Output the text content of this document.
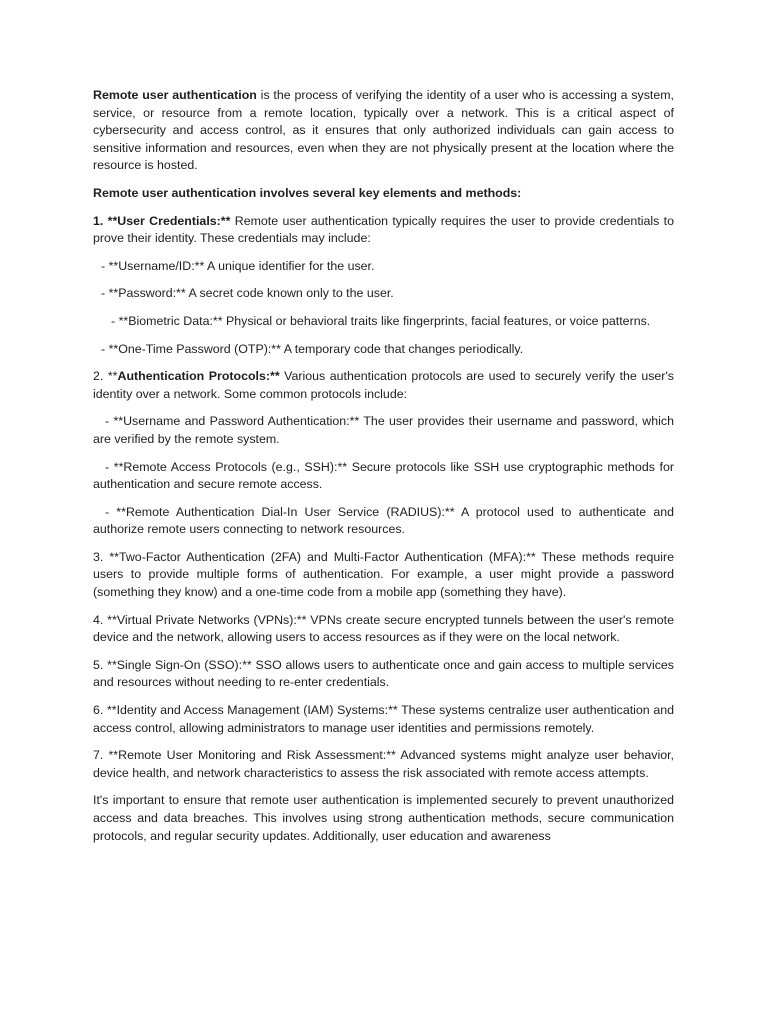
Remote user authentication is the process of verifying the identity of a user who is accessing a system, service, or resource from a remote location, typically over a network. This is a critical aspect of cybersecurity and access control, as it ensures that only authorized individuals can gain access to sensitive information and resources, even when they are not physically present at the location where the resource is hosted.

Remote user authentication involves several key elements and methods:

1. **User Credentials:** Remote user authentication typically requires the user to provide credentials to prove their identity. These credentials may include:

- **Username/ID:** A unique identifier for the user.

- **Password:** A secret code known only to the user.

- **Biometric Data:** Physical or behavioral traits like fingerprints, facial features, or voice patterns.

- **One-Time Password (OTP):** A temporary code that changes periodically.

2. **Authentication Protocols:** Various authentication protocols are used to securely verify the user's identity over a network. Some common protocols include:

- **Username and Password Authentication:** The user provides their username and password, which are verified by the remote system.

- **Remote Access Protocols (e.g., SSH):** Secure protocols like SSH use cryptographic methods for authentication and secure remote access.

- **Remote Authentication Dial-In User Service (RADIUS):** A protocol used to authenticate and authorize remote users connecting to network resources.

3. **Two-Factor Authentication (2FA) and Multi-Factor Authentication (MFA):** These methods require users to provide multiple forms of authentication. For example, a user might provide a password (something they know) and a one-time code from a mobile app (something they have).

4. **Virtual Private Networks (VPNs):** VPNs create secure encrypted tunnels between the user's remote device and the network, allowing users to access resources as if they were on the local network.

5. **Single Sign-On (SSO):** SSO allows users to authenticate once and gain access to multiple services and resources without needing to re-enter credentials.

6. **Identity and Access Management (IAM) Systems:** These systems centralize user authentication and access control, allowing administrators to manage user identities and permissions remotely.

7. **Remote User Monitoring and Risk Assessment:** Advanced systems might analyze user behavior, device health, and network characteristics to assess the risk associated with remote access attempts.

It's important to ensure that remote user authentication is implemented securely to prevent unauthorized access and data breaches. This involves using strong authentication methods, secure communication protocols, and regular security updates. Additionally, user education and awareness
